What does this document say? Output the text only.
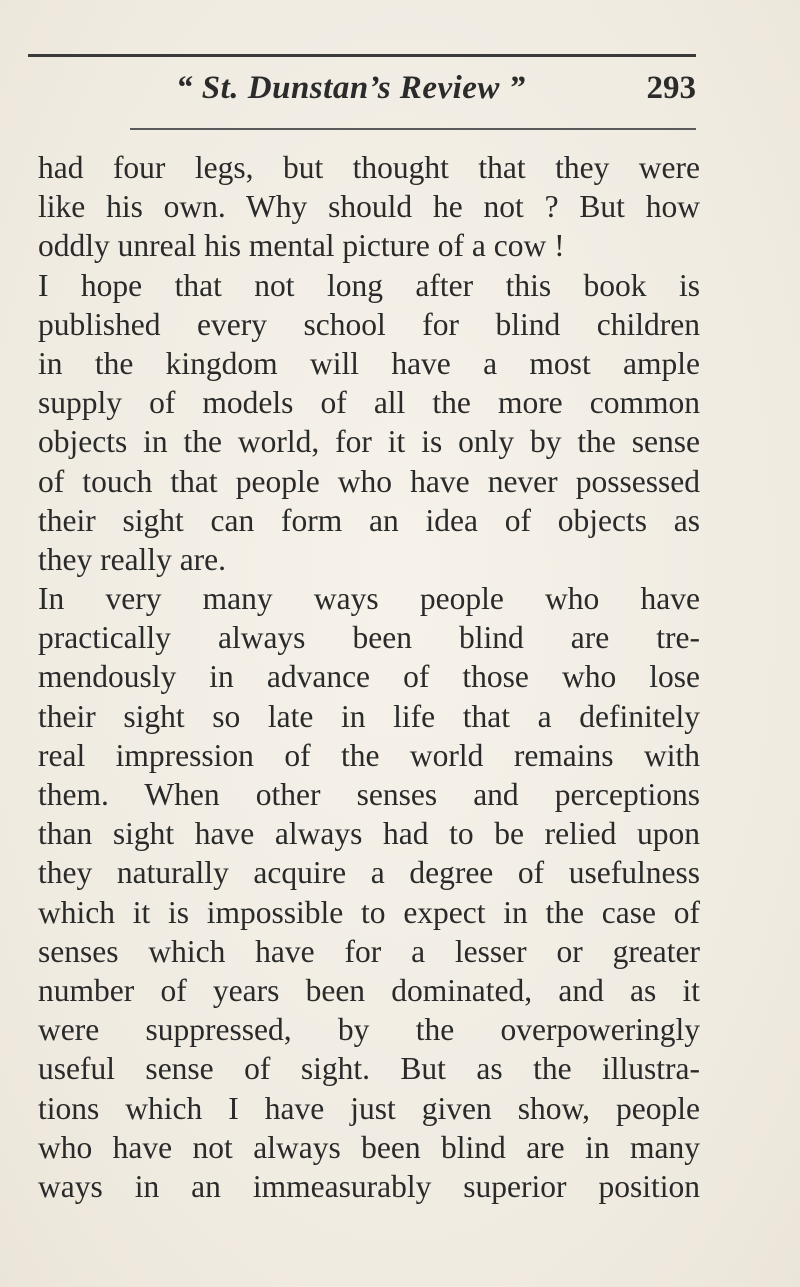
“ St. Dunstan’s Review ”	293
had four legs, but thought that they were
like his own. Why should he not ? But how
oddly unreal his mental picture of a cow !
I hope that not long after this book is
published every school for blind children
in the kingdom will have a most ample
supply of models of all the more common
objects in the world, for it is only by the sense
of touch that people who have never possessed
their sight can form an idea of objects as
they really are.
In very many ways people who have
practically always been blind are tre-
mendously in advance of those who lose
their sight so late in life that a definitely
real impression of the world remains with
them. When other senses and perceptions
than sight have always had to be relied upon
they naturally acquire a degree of usefulness
which it is impossible to expect in the case of
senses which have for a lesser or greater
number of years been dominated, and as it
were suppressed, by the overpoweringly
useful sense of sight. But as the illustra-
tions which I have just given show, people
who have not always been blind are in many
ways in an immeasurably superior position
